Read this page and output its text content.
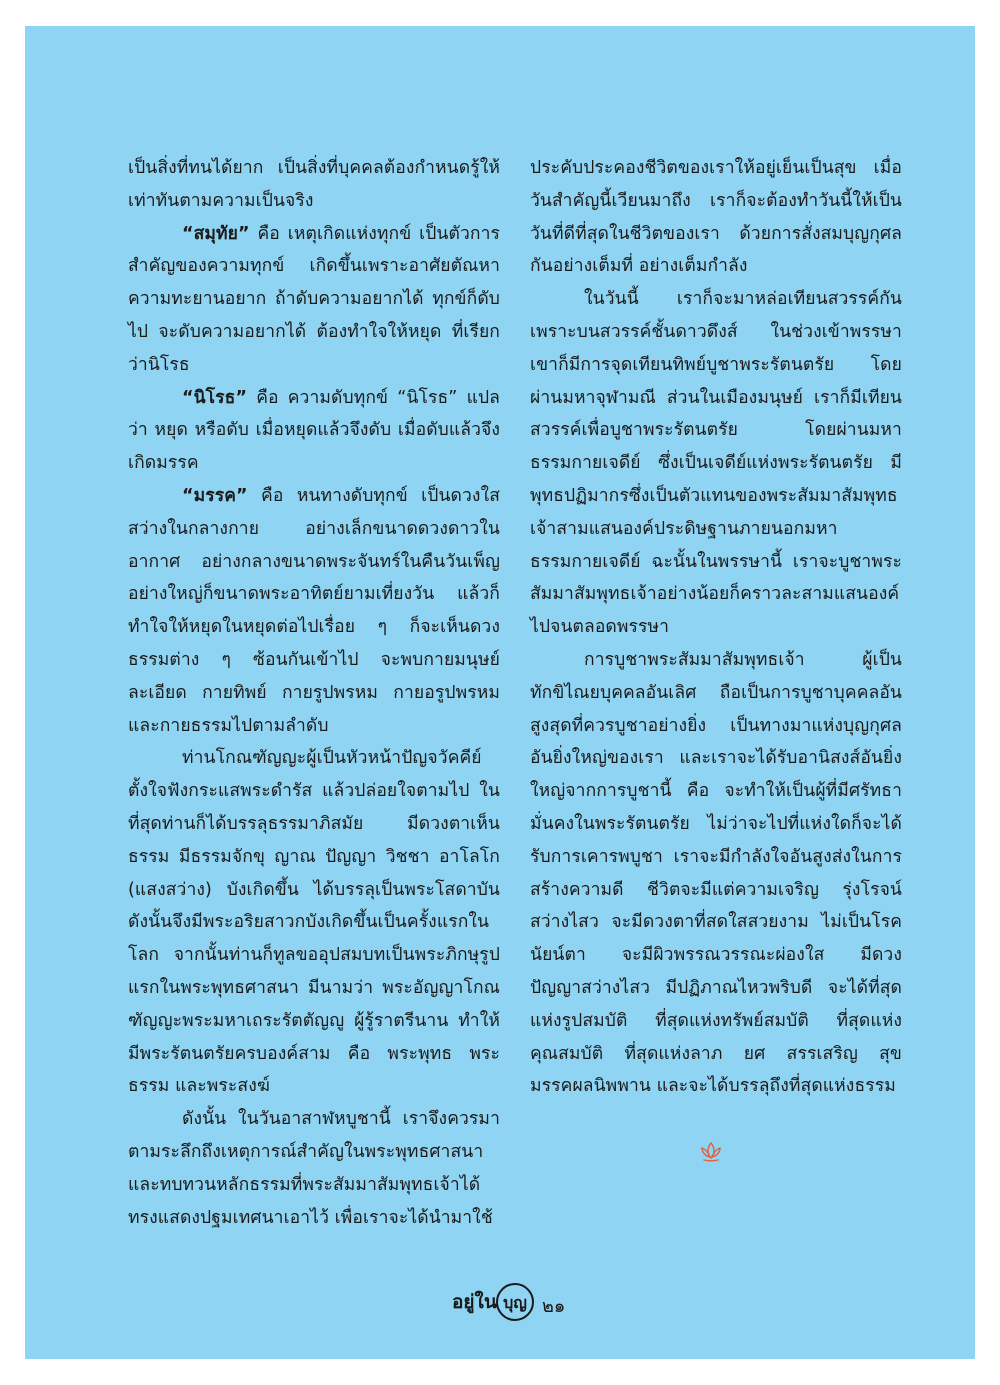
เป็นสิ่งที่ทนได้ยาก เป็นสิ่งที่บุคคลต้องกำหนดรู้ให้เท่าทันตามความเป็นจริง

“สมุทัย” คือ เหตุเกิดแห่งทุกข์ เป็นตัวการสำคัญของความทุกข์ เกิดขึ้นเพราะอาศัยตัณหาความทะยานอยาก ถ้าดับความอยากได้ ทุกข์ก็ดับไป จะดับความอยากได้ ต้องทำใจให้หยุด ที่เรียกว่านิโรธ

“นิโรธ” คือ ความดับทุกข์ “นิโรธ” แปลว่า หยุด หรือดับ เมื่อหยุดแล้วจึงดับ เมื่อดับแล้วจึงเกิดมรรค

“มรรค” คือ หนทางดับทุกข์ เป็นดวงใสสว่างในกลางกาย อย่างเล็กขนาดดวงดาวในอากาศ อย่างกลางขนาดพระจันทร์ในคืนวันเพ็ญ อย่างใหญ่ก็ขนาดพระอาทิตย์ยามเที่ยงวัน แล้วก็ทำใจให้หยุดในหยุดต่อไปเรื่อย ๆ ก็จะเห็นดวงธรรมต่าง ๆ ซ้อนกันเข้าไป จะพบกายมนุษย์ละเอียด กายทิพย์ กายรูปพรหม กายอรูปพรหม และกายธรรมไปตามลำดับ

ท่านโกณฑัญญะผู้เป็นหัวหน้าปัญจวัคคีย์ ตั้งใจฟังกระแสพระดำรัส แล้วปล่อยใจตามไป ในที่สุดท่านก็ได้บรรลุธรรมาภิสมัย มีดวงตาเห็นธรรม มีธรรมจักขุ ญาณ ปัญญา วิชชา อาโลโก (แสงสว่าง) บังเกิดขึ้น ได้บรรลุเป็นพระโสดาบัน ดังนั้นจึงมีพระอริยสาวกบังเกิดขึ้นเป็นครั้งแรกในโลก จากนั้นท่านก็ทูลขออุปสมบทเป็นพระภิกษุรูปแรกในพระพุทธศาสนา มีนามว่า พระอัญญาโกณฑัญญะพระมหาเถระรัตตัญญู ผู้รู้ราตรีนาน ทำให้มีพระรัตนตรัยครบองค์สาม คือ พระพุทธ พระธรรม และพระสงฆ์

ดังนั้น ในวันอาสาฬหบูชานี้ เราจึงควรมาตามระลึกถึงเหตุการณ์สำคัญในพระพุทธศาสนา และทบทวนหลักธรรมที่พระสัมมาสัมพุทธเจ้าได้ทรงแสดงปฐมเทศนาเอาไว้ เพื่อเราจะได้นำมาใช้

ประคับประคองชีวิตของเราให้อยู่เย็นเป็นสุข เมื่อวันสำคัญนี้เวียนมาถึง เราก็จะต้องทำวันนี้ให้เป็นวันที่ดีที่สุดในชีวิตของเรา ด้วยการสั่งสมบุญกุศลกันอย่างเต็มที่ อย่างเต็มกำลัง

ในวันนี้ เราก็จะมาหล่อเทียนสวรรค์กัน เพราะบนสวรรค์ชั้นดาวดึงส์ ในช่วงเข้าพรรษาเขาก็มีการจุดเทียนทิพย์บูชาพระรัตนตรัย โดยผ่านมหาจุฬามณี ส่วนในเมืองมนุษย์ เราก็มีเทียนสวรรค์เพื่อบูชาพระรัตนตรัย โดยผ่านมหาธรรมกายเจดีย์ ซึ่งเป็นเจดีย์แห่งพระรัตนตรัย มีพุทธปฏิมากรซึ่งเป็นตัวแทนของพระสัมมาสัมพุทธเจ้าสามแสนองค์ประดิษฐานภายนอกมหาธรรมกายเจดีย์ ฉะนั้นในพรรษานี้ เราจะบูชาพระสัมมาสัมพุทธเจ้าอย่างน้อยก็คราวละสามแสนองค์ไปจนตลอดพรรษา

การบูชาพระสัมมาสัมพุทธเจ้า ผู้เป็นทักขิไณยบุคคลอันเลิศ ถือเป็นการบูชาบุคคลอันสูงสุดที่ควรบูชาอย่างยิ่ง เป็นทางมาแห่งบุญกุศลอันยิ่งใหญ่ของเรา และเราจะได้รับอานิสงส์อันยิ่งใหญ่จากการบูชานี้ คือ จะทำให้เป็นผู้ที่มีศรัทธามั่นคงในพระรัตนตรัย ไม่ว่าจะไปที่แห่งใดก็จะได้รับการเคารพบูชา เราจะมีกำลังใจอันสูงส่งในการสร้างความดี ชีวิตจะมีแต่ความเจริญ รุ่งโรจน์ สว่างไสว จะมีดวงตาที่สดใสสวยงาม ไม่เป็นโรคนัยน์ตา จะมีผิวพรรณวรรณะผ่องใส มีดวงปัญญาสว่างไสว มีปฏิภาณไหวพริบดี จะได้ที่สุดแห่งรูปสมบัติ ที่สุดแห่งทรัพย์สมบัติ ที่สุดแห่งคุณสมบัติ ที่สุดแห่งลาภ ยศ สรรเสริญ สุข มรรคผลนิพพาน และจะได้บรรลุถึงที่สุดแห่งธรรม

อยู่ใน บุญ ๒๑
